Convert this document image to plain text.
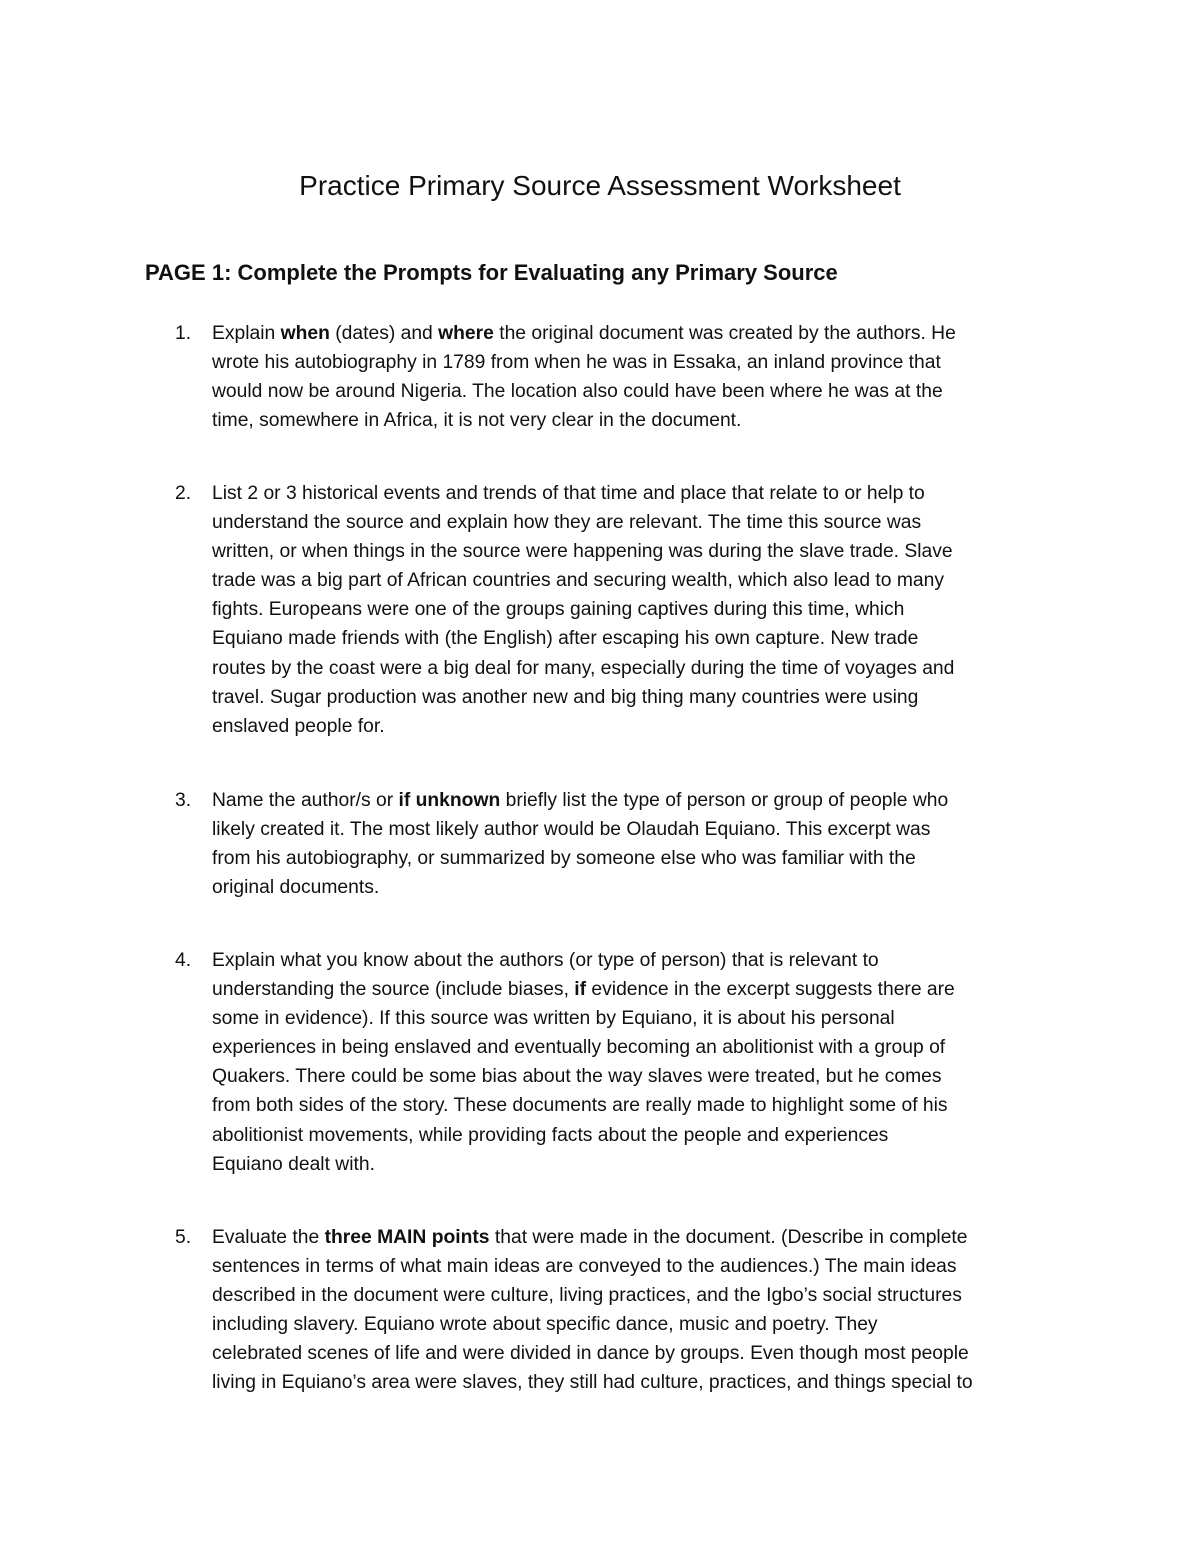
Practice Primary Source Assessment Worksheet
PAGE 1: Complete the Prompts for Evaluating any Primary Source
1.	Explain when (dates) and where the original document was created by the authors. He
wrote his autobiography in 1789 from when he was in Essaka, an inland province that
would now be around Nigeria. The location also could have been where he was at the
time, somewhere in Africa, it is not very clear in the document.
2.	List 2 or 3 historical events and trends of that time and place that relate to or help to
understand the source and explain how they are relevant. The time this source was
written, or when things in the source were happening was during the slave trade. Slave
trade was a big part of African countries and securing wealth, which also lead to many
fights. Europeans were one of the groups gaining captives during this time, which
Equiano made friends with (the English) after escaping his own capture. New trade
routes by the coast were a big deal for many, especially during the time of voyages and
travel. Sugar production was another new and big thing many countries were using
enslaved people for.
3.	Name the author/s or if unknown briefly list the type of person or group of people who
likely created it. The most likely author would be Olaudah Equiano. This excerpt was
from his autobiography, or summarized by someone else who was familiar with the
original documents.
4.	Explain what you know about the authors (or type of person) that is relevant to
understanding the source (include biases, if evidence in the excerpt suggests there are
some in evidence). If this source was written by Equiano, it is about his personal
experiences in being enslaved and eventually becoming an abolitionist with a group of
Quakers. There could be some bias about the way slaves were treated, but he comes
from both sides of the story. These documents are really made to highlight some of his
abolitionist movements, while providing facts about the people and experiences
Equiano dealt with.
5.	Evaluate the three MAIN points that were made in the document. (Describe in complete
sentences in terms of what main ideas are conveyed to the audiences.) The main ideas
described in the document were culture, living practices, and the Igbo’s social structures
including slavery. Equiano wrote about specific dance, music and poetry. They
celebrated scenes of life and were divided in dance by groups. Even though most people
living in Equiano’s area were slaves, they still had culture, practices, and things special to
